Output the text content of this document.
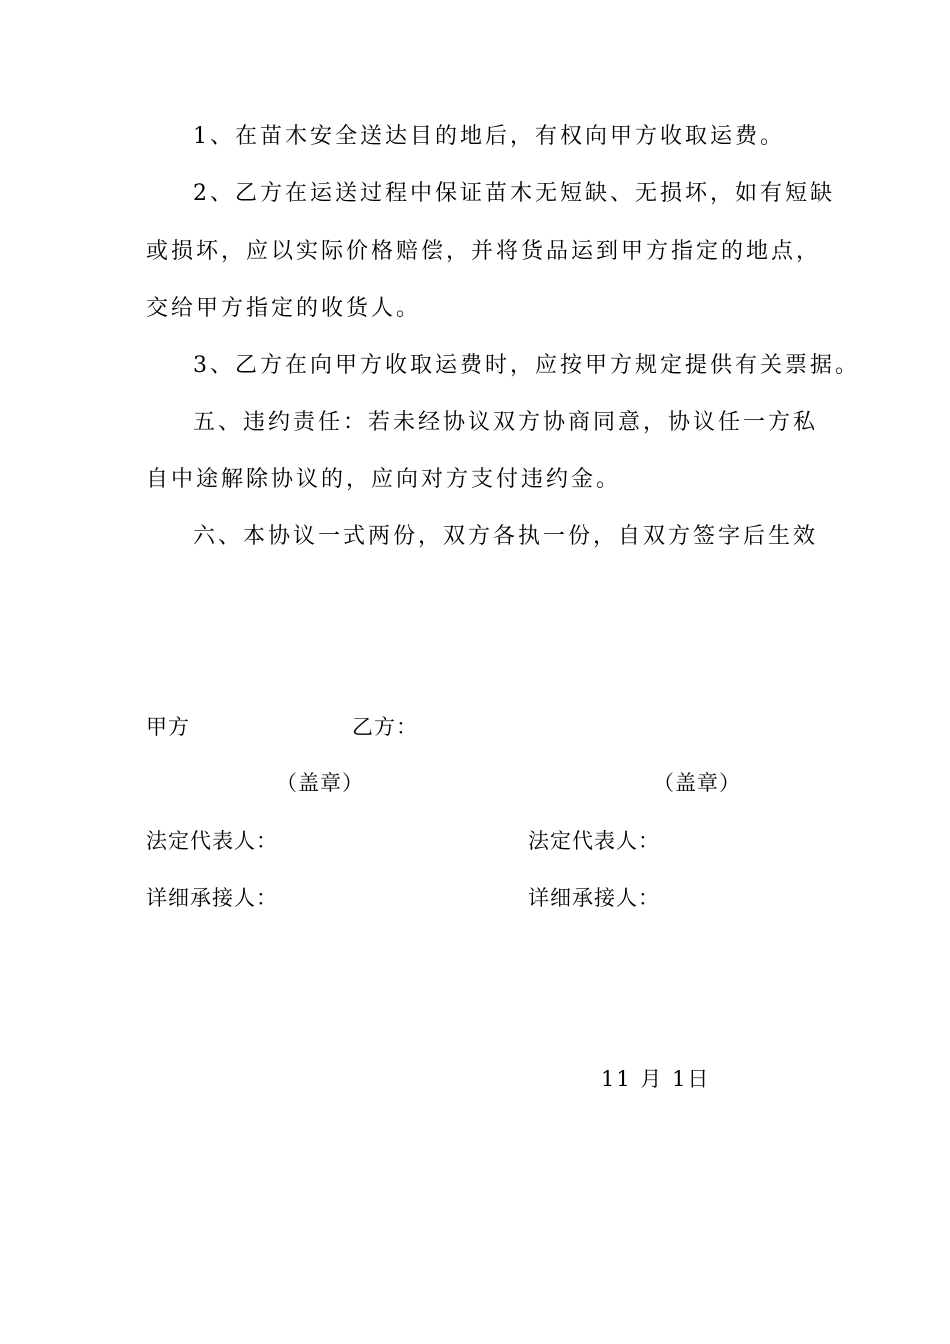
1、在苗木安全送达目的地后，有权向甲方收取运费。
2、乙方在运送过程中保证苗木无短缺、无损坏，如有短缺
或损坏，应以实际价格赔偿，并将货品运到甲方指定的地点，
交给甲方指定的收货人。
3、乙方在向甲方收取运费时，应按甲方规定提供有关票据。
五、违约责任：若未经协议双方协商同意，协议任一方私
自中途解除协议的，应向对方支付违约金。
六、本协议一式两份，双方各执一份，自双方签字后生效
甲方	乙方：
（盖章）	（盖章）
法定代表人：	法定代表人：
详细承接人：	详细承接人：
11 月 1日
